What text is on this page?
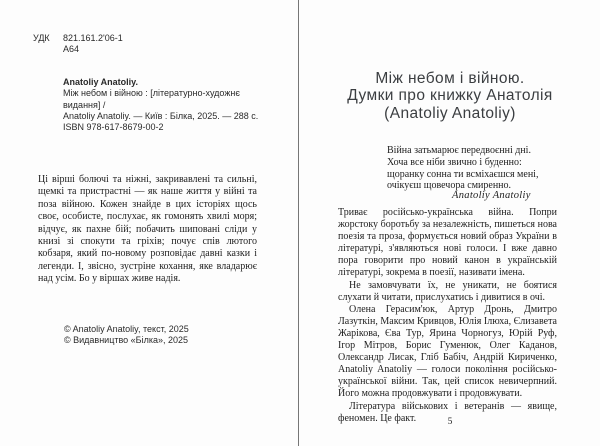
УДК	821.161.2'06-1
А64
Anatoliy Anatoliy.
Між небом і війною : [літературно-художнє видання] /
Anatoliy Anatoliy. — Київ : Білка, 2025. — 288 с.
ISBN 978-617-8679-00-2
Ці вірші болючі та ніжні, закривавлені та сильні, щемкі та пристрастні — як наше життя у війні та поза війною. Кожен знайде в цих історіях щось своє, особисте, послухає, як гомонять хвилі моря; відчує, як пахне бій; побачить шиповані сліди у книзі зі спокути та гріхів; почує спів лютого кобзаря, який по-новому розповідає давні казки і легенди. І, звісно, зустріне кохання, яке владарює над усім. Бо у віршах живе надія.
© Anatoliy Anatoliy, текст, 2025
© Видавництво «Білка», 2025
Між небом і війною.
Думки про книжку Анатолія
(Anatoliy Anatoliy)
Війна затьмарює передвоєнні дні.
Хоча все ніби звично і буденно:
щоранку сонна ти всміхаєшся мені,
очікуєш щовечора смиренно.
Anatoliy Anatoliy

Триває російсько-українська війна. Попри жорстоку боротьбу за незалежність, пишеться нова поезія та проза, формується новий образ України в літературі, з'являються нові голоси. І вже давно пора говорити про новий канон в українській літературі, зокрема в поезії, називати імена.

Не замовчувати їх, не уникати, не боятися слухати й читати, прислухатись і дивитися в очі.

Олена Герасим'юк, Артур Дронь, Дмитро Лазуткін, Максим Кривцов, Юлія Ілюха, Єлизавета Жарікова, Єва Тур, Ярина Чорногуз, Юрій Руф, Ігор Мітров, Борис Гуменюк, Олег Каданов, Олександр Лисак, Гліб Бабіч, Андрій Кириченко, Anatoliy Anatoliy — голоси покоління російсько-української війни. Так, цей список невичерпний. Його можна продовжувати і продовжувати.

Література військових і ветеранів — явище, феномен. Це факт.	5
